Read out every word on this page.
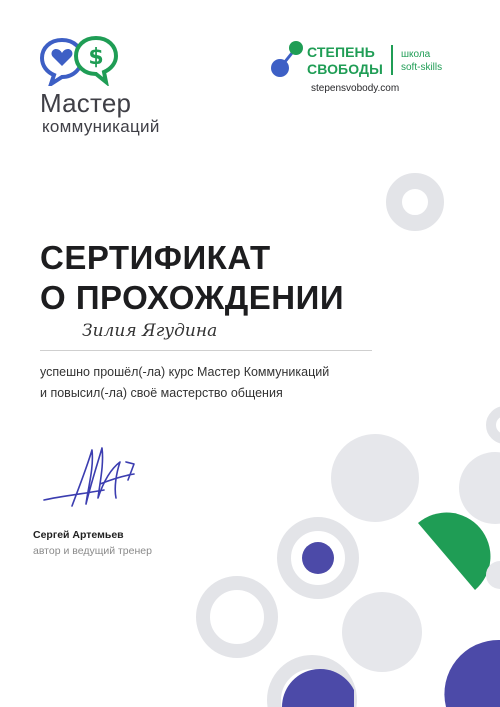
$
Мастер
коммуникаций
СТЕПЕНЬ
СВОБОДЫ
школа
soft-skills
stepensvobody.com
СЕРТИФИКАТ
О ПРОХОЖДЕНИИ
Зилия Ягудина
успешно прошёл(-ла) курс Мастер Коммуникаций
и повысил(-ла) своё мастерство общения
Сергей Артемьев
автор и ведущий тренер
